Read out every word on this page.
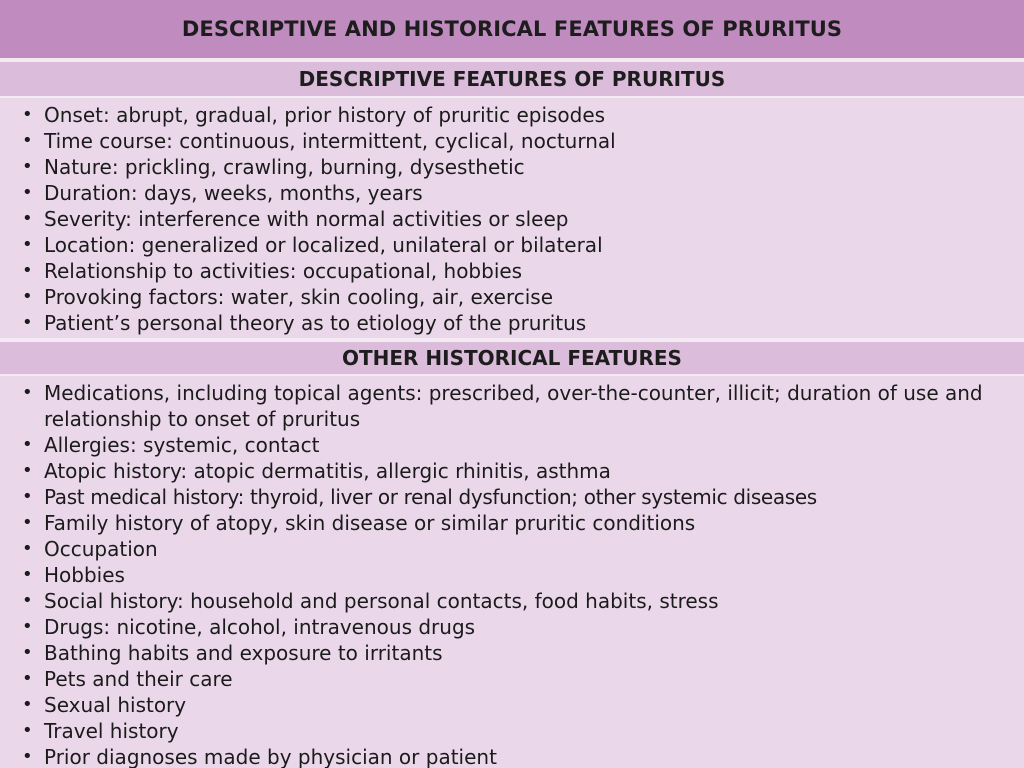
DESCRIPTIVE AND HISTORICAL FEATURES OF PRURITUS
DESCRIPTIVE FEATURES OF PRURITUS
• Onset: abrupt, gradual, prior history of pruritic episodes
• Time course: continuous, intermittent, cyclical, nocturnal
• Nature: prickling, crawling, burning, dysesthetic
• Duration: days, weeks, months, years
• Severity: interference with normal activities or sleep
• Location: generalized or localized, unilateral or bilateral
• Relationship to activities: occupational, hobbies
• Provoking factors: water, skin cooling, air, exercise
• Patient’s personal theory as to etiology of the pruritus
OTHER HISTORICAL FEATURES
• Medications, including topical agents: prescribed, over-the-counter, illicit; duration of use and relationship to onset of pruritus
• Allergies: systemic, contact
• Atopic history: atopic dermatitis, allergic rhinitis, asthma
• Past medical history: thyroid, liver or renal dysfunction; other systemic diseases
• Family history of atopy, skin disease or similar pruritic conditions
• Occupation
• Hobbies
• Social history: household and personal contacts, food habits, stress
• Drugs: nicotine, alcohol, intravenous drugs
• Bathing habits and exposure to irritants
• Pets and their care
• Sexual history
• Travel history
• Prior diagnoses made by physician or patient
